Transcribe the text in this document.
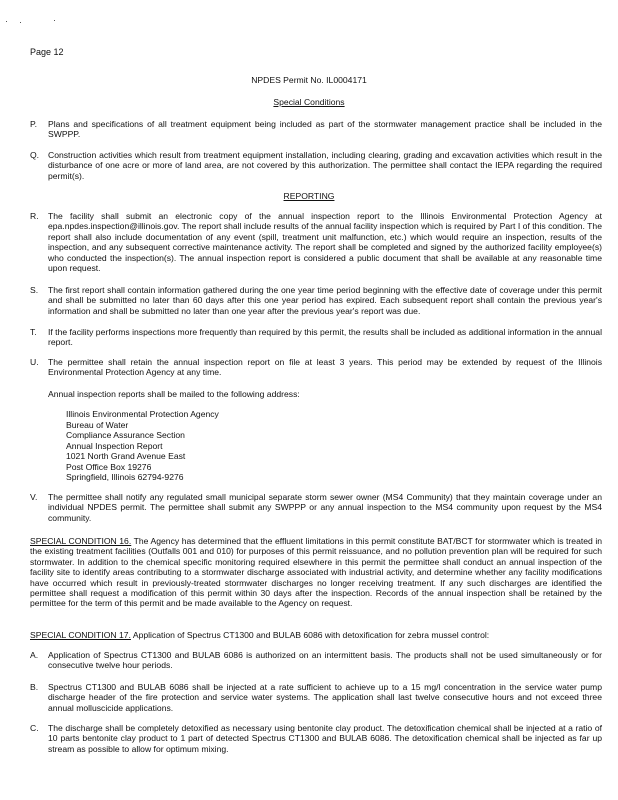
Page 12
NPDES Permit No. IL0004171
Special Conditions
P.	Plans and specifications of all treatment equipment being included as part of the stormwater management practice shall be included in the SWPPP.
Q.	Construction activities which result from treatment equipment installation, including clearing, grading and excavation activities which result in the disturbance of one acre or more of land area, are not covered by this authorization. The permittee shall contact the IEPA regarding the required permit(s).
REPORTING
R.	The facility shall submit an electronic copy of the annual inspection report to the Illinois Environmental Protection Agency at epa.npdes.inspection@illinois.gov. The report shall include results of the annual facility inspection which is required by Part I of this condition. The report shall also include documentation of any event (spill, treatment unit malfunction, etc.) which would require an inspection, results of the inspection, and any subsequent corrective maintenance activity. The report shall be completed and signed by the authorized facility employee(s) who conducted the inspection(s). The annual inspection report is considered a public document that shall be available at any reasonable time upon request.
S.	The first report shall contain information gathered during the one year time period beginning with the effective date of coverage under this permit and shall be submitted no later than 60 days after this one year period has expired. Each subsequent report shall contain the previous year's information and shall be submitted no later than one year after the previous year's report was due.
T.	If the facility performs inspections more frequently than required by this permit, the results shall be included as additional information in the annual report.
U.	The permittee shall retain the annual inspection report on file at least 3 years. This period may be extended by request of the Illinois Environmental Protection Agency at any time.
Annual inspection reports shall be mailed to the following address:
Illinois Environmental Protection Agency
Bureau of Water
Compliance Assurance Section
Annual Inspection Report
1021 North Grand Avenue East
Post Office Box 19276
Springfield, Illinois 62794-9276
V.	The permittee shall notify any regulated small municipal separate storm sewer owner (MS4 Community) that they maintain coverage under an individual NPDES permit. The permittee shall submit any SWPPP or any annual inspection to the MS4 community upon request by the MS4 community.
SPECIAL CONDITION 16. The Agency has determined that the effluent limitations in this permit constitute BAT/BCT for stormwater which is treated in the existing treatment facilities (Outfalls 001 and 010) for purposes of this permit reissuance, and no pollution prevention plan will be required for such stormwater. In addition to the chemical specific monitoring required elsewhere in this permit the permittee shall conduct an annual inspection of the facility site to identify areas contributing to a stormwater discharge associated with industrial activity, and determine whether any facility modifications have occurred which result in previously-treated stormwater discharges no longer receiving treatment. If any such discharges are identified the permittee shall request a modification of this permit within 30 days after the inspection. Records of the annual inspection shall be retained by the permittee for the term of this permit and be made available to the Agency on request.
SPECIAL CONDITION 17. Application of Spectrus CT1300 and BULAB 6086 with detoxification for zebra mussel control:
A.	Application of Spectrus CT1300 and BULAB 6086 is authorized on an intermittent basis. The products shall not be used simultaneously or for consecutive twelve hour periods.
B.	Spectrus CT1300 and BULAB 6086 shall be injected at a rate sufficient to achieve up to a 15 mg/l concentration in the service water pump discharge header of the fire protection and service water systems. The application shall last twelve consecutive hours and not exceed three annual molluscicide applications.
C.	The discharge shall be completely detoxified as necessary using bentonite clay product. The detoxification chemical shall be injected at a ratio of 10 parts bentonite clay product to 1 part of detected Spectrus CT1300 and BULAB 6086. The detoxification chemical shall be injected as far up stream as possible to allow for optimum mixing.
